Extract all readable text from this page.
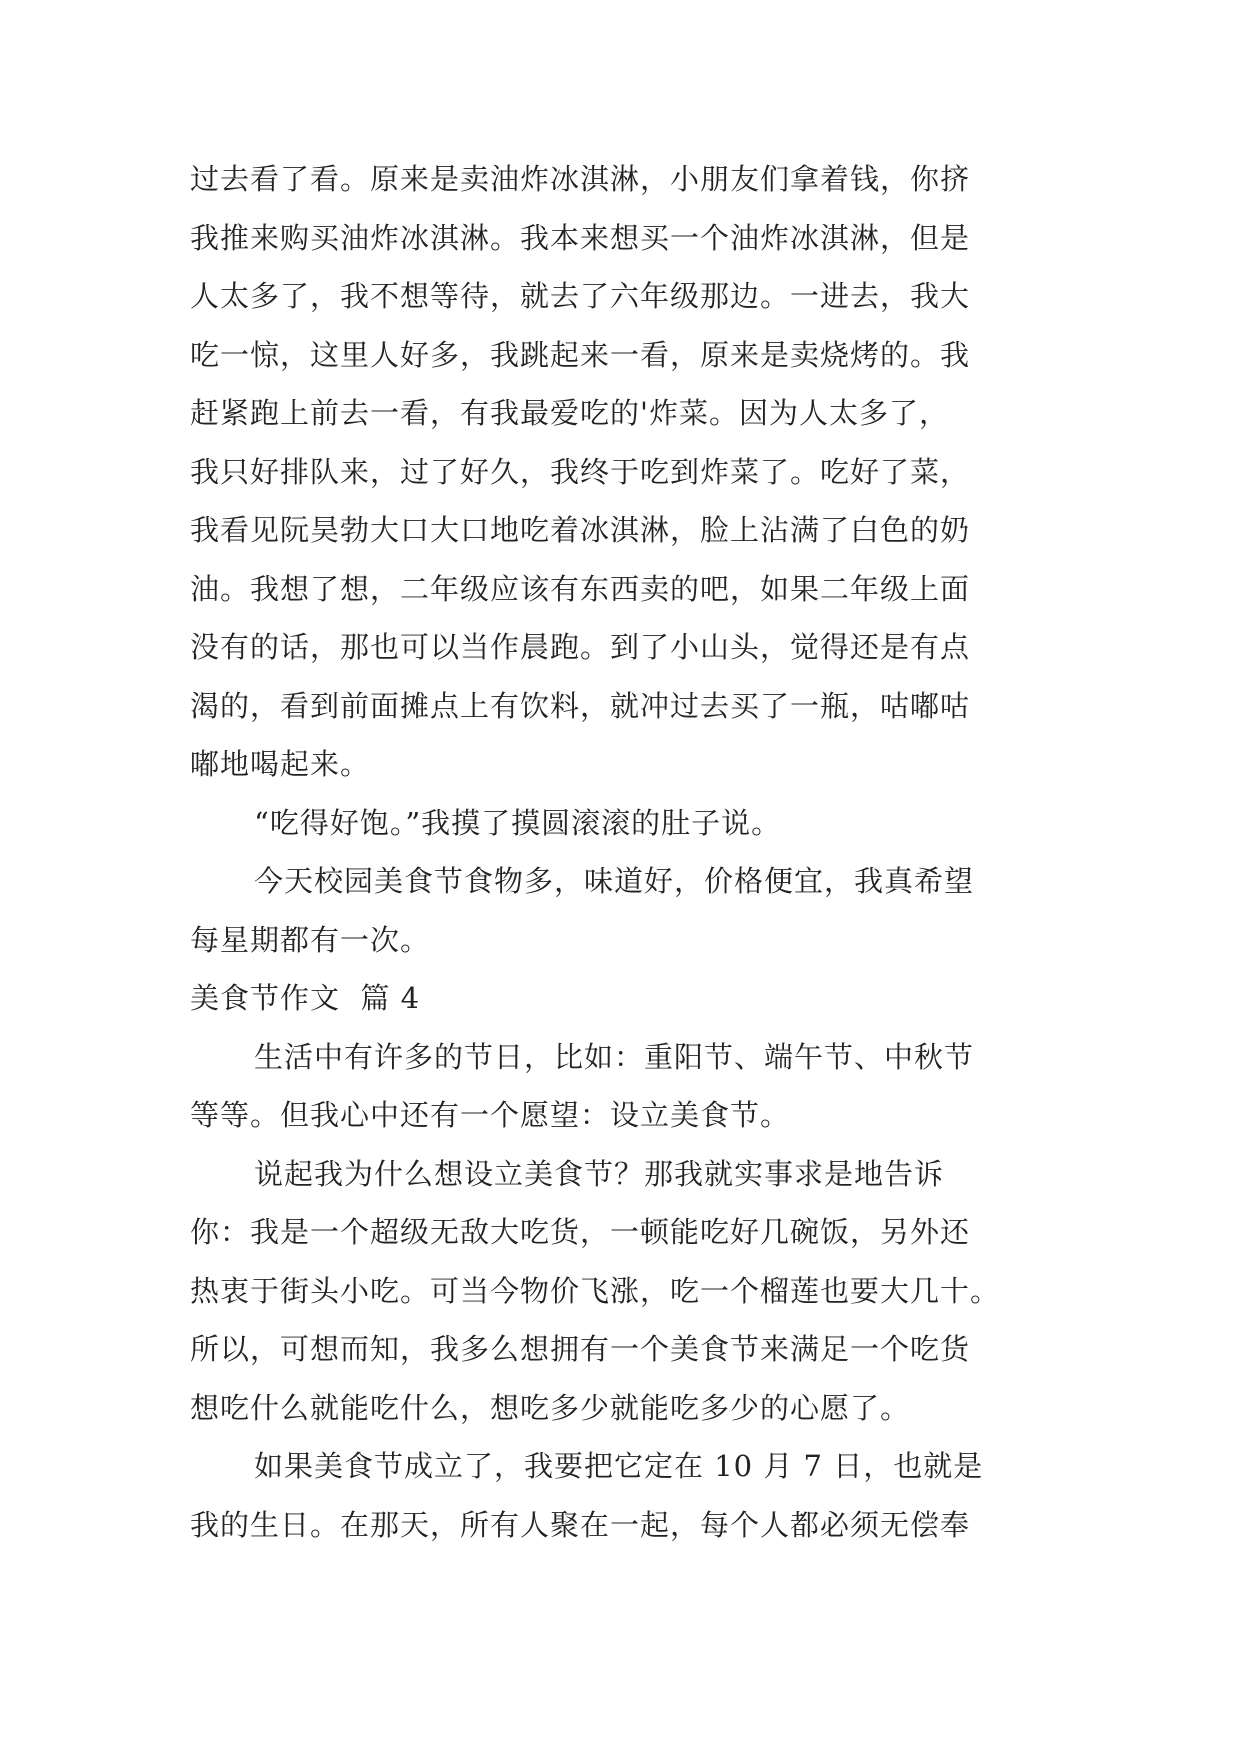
过去看了看。原来是卖油炸冰淇淋，小朋友们拿着钱，你挤
我推来购买油炸冰淇淋。我本来想买一个油炸冰淇淋，但是
人太多了，我不想等待，就去了六年级那边。一进去，我大
吃一惊，这里人好多，我跳起来一看，原来是卖烧烤的。我
赶紧跑上前去一看，有我最爱吃的'炸菜。因为人太多了，
我只好排队来，过了好久，我终于吃到炸菜了。吃好了菜，
我看见阮昊勃大口大口地吃着冰淇淋，脸上沾满了白色的奶
油。我想了想，二年级应该有东西卖的吧，如果二年级上面
没有的话，那也可以当作晨跑。到了小山头，觉得还是有点
渴的，看到前面摊点上有饮料，就冲过去买了一瓶，咕嘟咕
嘟地喝起来。
“吃得好饱。”我摸了摸圆滚滚的肚子说。
今天校园美食节食物多，味道好，价格便宜，我真希望
每星期都有一次。
美食节作文  篇 4
生活中有许多的节日，比如：重阳节、端午节、中秋节
等等。但我心中还有一个愿望：设立美食节。
说起我为什么想设立美食节？那我就实事求是地告诉
你：我是一个超级无敌大吃货，一顿能吃好几碗饭，另外还
热衷于街头小吃。可当今物价飞涨，吃一个榴莲也要大几十。
所以，可想而知，我多么想拥有一个美食节来满足一个吃货
想吃什么就能吃什么，想吃多少就能吃多少的心愿了。
如果美食节成立了，我要把它定在 10 月 7 日，也就是
我的生日。在那天，所有人聚在一起，每个人都必须无偿奉
